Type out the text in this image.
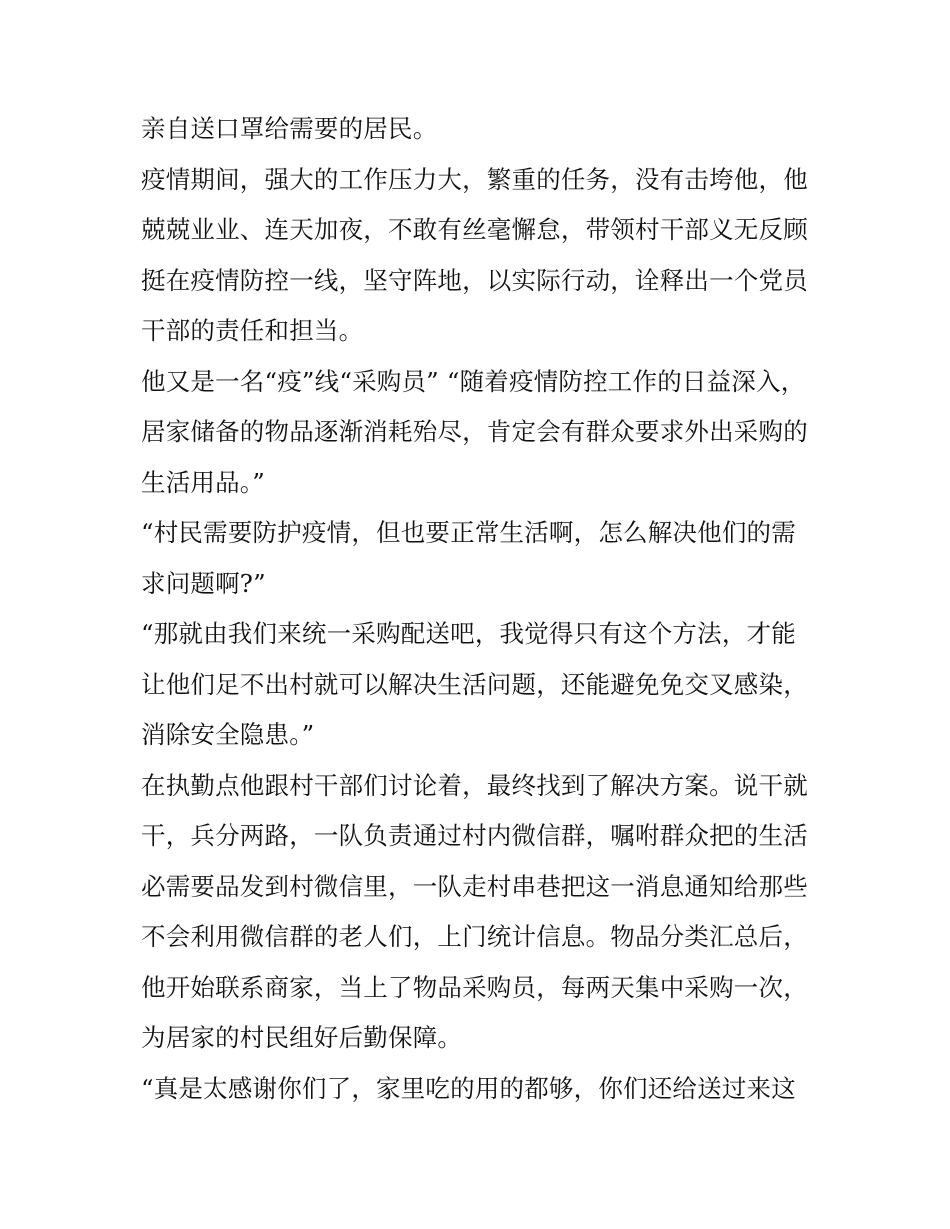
亲自送口罩给需要的居民。
疫情期间，强大的工作压力大，繁重的任务，没有击垮他，他
兢兢业业、连天加夜，不敢有丝毫懈怠，带领村干部义无反顾
挺在疫情防控一线，坚守阵地，以实际行动，诠释出一个党员
干部的责任和担当。
他又是一名“疫”线“采购员” “随着疫情防控工作的日益深入，
居家储备的物品逐渐消耗殆尽，肯定会有群众要求外出采购的
生活用品。”
“村民需要防护疫情，但也要正常生活啊，怎么解决他们的需
求问题啊?”
“那就由我们来统一采购配送吧，我觉得只有这个方法，才能
让他们足不出村就可以解决生活问题，还能避免免交叉感染，
消除安全隐患。”
在执勤点他跟村干部们讨论着，最终找到了解决方案。说干就
干，兵分两路，一队负责通过村内微信群，嘱咐群众把的生活
必需要品发到村微信里，一队走村串巷把这一消息通知给那些
不会利用微信群的老人们，上门统计信息。物品分类汇总后，
他开始联系商家，当上了物品采购员，每两天集中采购一次，
为居家的村民组好后勤保障。
“真是太感谢你们了，家里吃的用的都够，你们还给送过来这
